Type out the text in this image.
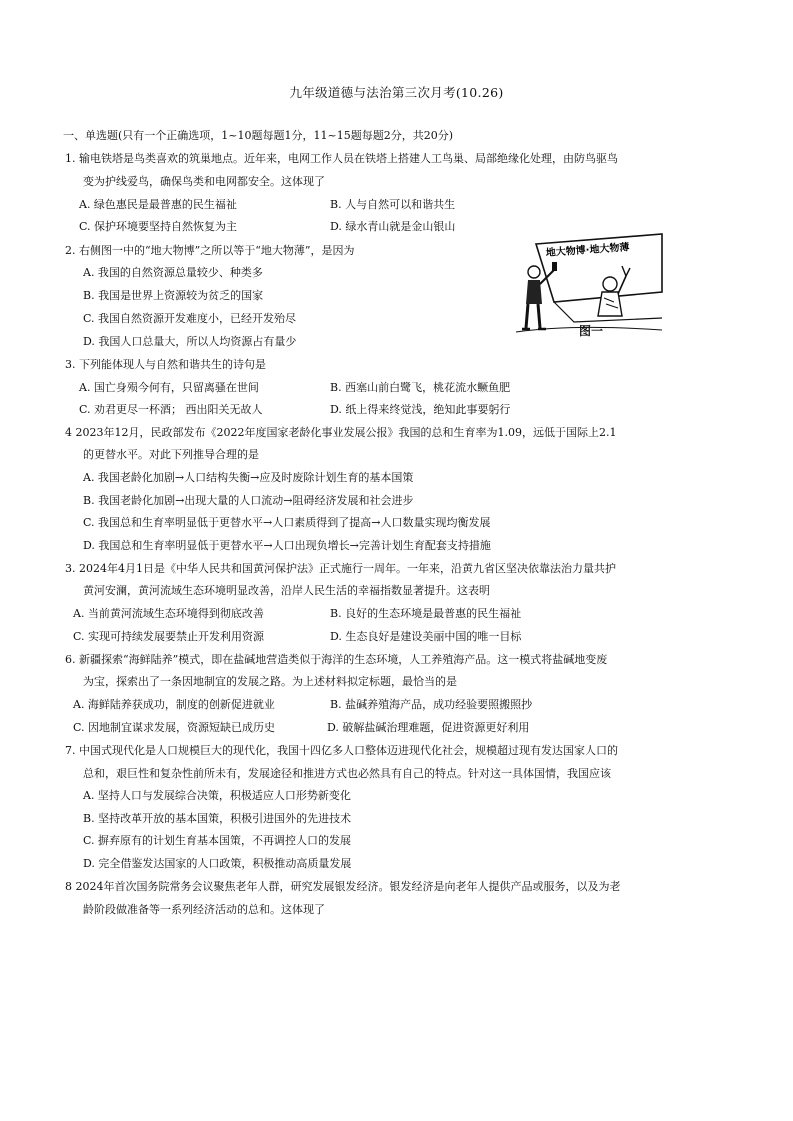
九年级道德与法治第三次月考(10.26)
一、单选题(只有一个正确选项，1~10题每题1分，11~15题每题2分，共20分)
1. 输电铁塔是鸟类喜欢的筑巢地点。近年来，电网工作人员在铁塔上搭建人工鸟巢、局部绝缘化处理，由防鸟驱鸟
变为护线爱鸟，确保鸟类和电网都安全。这体现了
A. 绿色惠民是最普惠的民生福祉	B. 人与自然可以和谐共生
C. 保护环境要坚持自然恢复为主	D. 绿水青山就是金山银山
2. 右侧图一中的“地大物博”之所以等于“地大物薄”，是因为
A. 我国的自然资源总量较少、种类多
B. 我国是世界上资源较为贫乏的国家
C. 我国自然资源开发难度小，已经开发殆尽
D. 我国人口总量大，所以人均资源占有量少
地大物博·地大物薄
图一
3. 下列能体现人与自然和谐共生的诗句是
A. 国亡身殒今何有，只留离骚在世间	B. 西塞山前白鹭飞，桃花流水鳜鱼肥
C. 劝君更尽一杯酒； 西出阳关无故人	D. 纸上得来终觉浅，绝知此事要躬行
4 2023年12月，民政部发布《2022年度国家老龄化事业发展公报》我国的总和生育率为1.09，远低于国际上2.1
的更替水平。对此下列推导合理的是
A. 我国老龄化加剧→人口结构失衡→应及时废除计划生育的基本国策
B. 我国老龄化加剧→出现大量的人口流动→阻碍经济发展和社会进步
C. 我国总和生育率明显低于更替水平→人口素质得到了提高→人口数量实现均衡发展
D. 我国总和生育率明显低于更替水平→人口出现负增长→完善计划生育配套支持措施
3. 2024年4月1日是《中华人民共和国黄河保护法》正式施行一周年。一年来，沿黄九省区坚决依靠法治力量共护
黄河安澜，黄河流域生态环境明显改善，沿岸人民生活的幸福指数显著提升。这表明
A. 当前黄河流域生态环境得到彻底改善	B. 良好的生态环境是最普惠的民生福祉
C. 实现可持续发展要禁止开发利用资源	D. 生态良好是建设美丽中国的唯一目标
6. 新疆探索“海鲜陆养”模式，即在盐碱地营造类似于海洋的生态环境，人工养殖海产品。这一模式将盐碱地变废
为宝，探索出了一条因地制宜的发展之路。为上述材料拟定标题，最恰当的是
A. 海鲜陆养获成功，制度的创新促进就业	B. 盐碱养殖海产品，成功经验要照搬照抄
C. 因地制宜谋求发展，资源短缺已成历史	D. 破解盐碱治理难题，促进资源更好利用
7. 中国式现代化是人口规模巨大的现代化，我国十四亿多人口整体迈进现代化社会，规模超过现有发达国家人口的
总和，艰巨性和复杂性前所未有，发展途径和推进方式也必然具有自己的特点。针对这一具体国情，我国应该
A. 坚持人口与发展综合决策，积极适应人口形势新变化
B. 坚持改革开放的基本国策，积极引进国外的先进技术
C. 摒弃原有的计划生育基本国策，不再调控人口的发展
D. 完全借鉴发达国家的人口政策，积极推动高质量发展
8 2024年首次国务院常务会议聚焦老年人群，研究发展银发经济。银发经济是向老年人提供产品或服务，以及为老
龄阶段做准备等一系列经济活动的总和。这体现了
